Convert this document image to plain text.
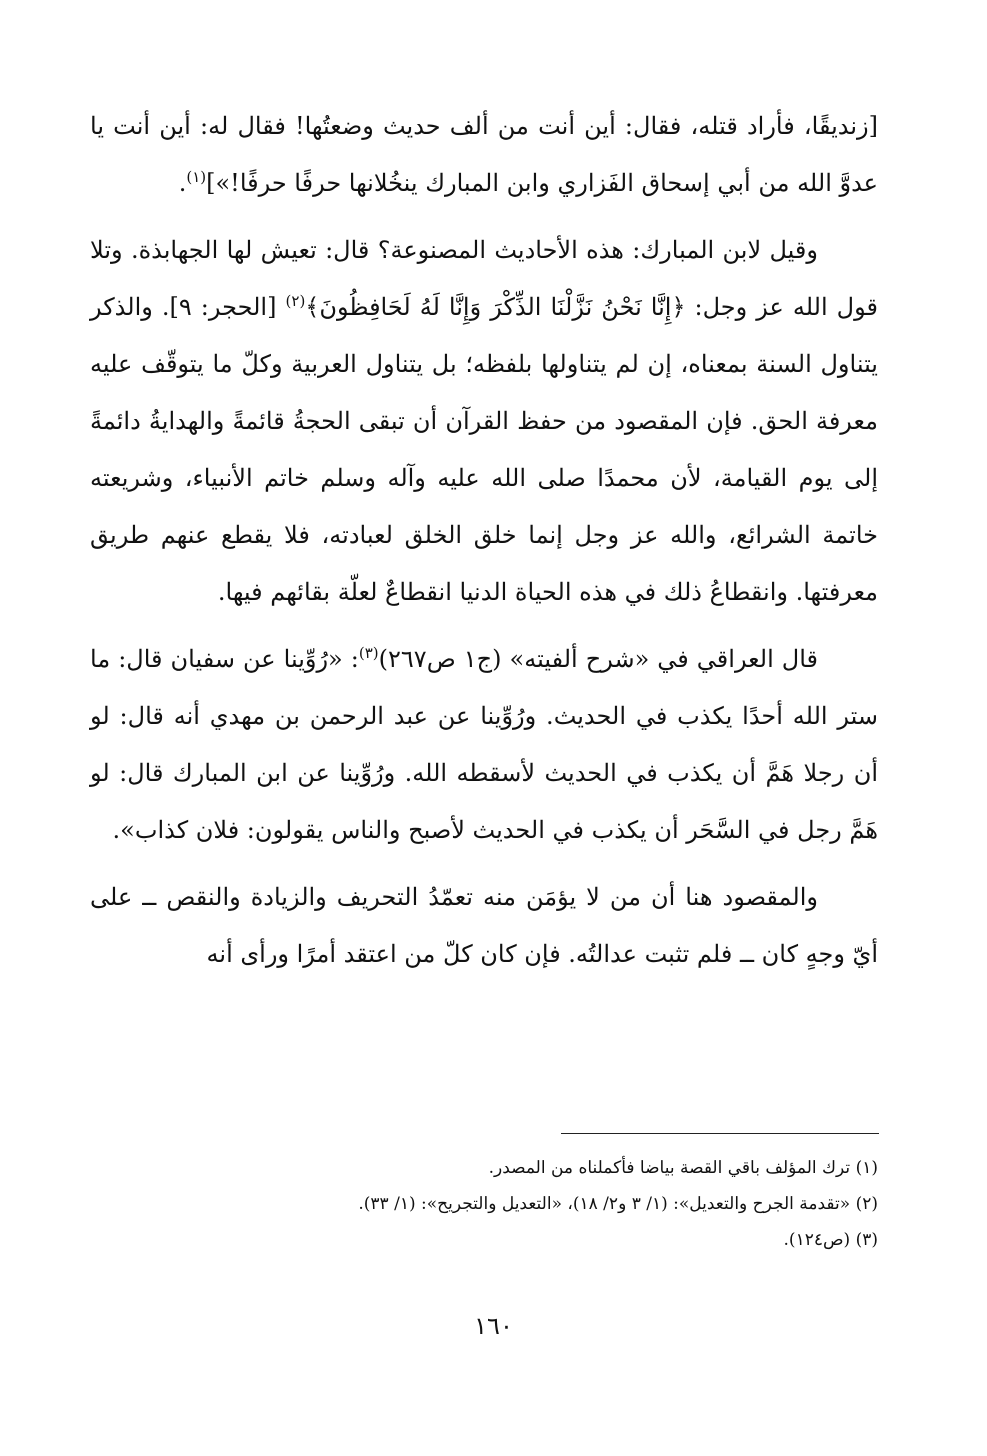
[زنديقًا، فأراد قتله، فقال: أين أنت من ألف حديث وضعتُها! فقال له: أين أنت يا عدوَّ الله من أبي إسحاق الفَزاري وابن المبارك ينخُلانها حرفًا حرفًا!»]$^{(١)}$.

وقيل لابن المبارك: هذه الأحاديث المصنوعة؟ قال: تعيش لها الجهابذة. وتلا قول الله عز وجل: ﴿إِنَّا نَحْنُ نَزَّلْنَا الذِّكْرَ وَإِنَّا لَهُ لَحَافِظُونَ﴾$^{(٢)}$ [الحجر: ٩]. والذكر يتناول السنة بمعناه، إن لم يتناولها بلفظه؛ بل يتناول العربية وكلّ ما يتوقّف عليه معرفة الحق. فإن المقصود من حفظ القرآن أن تبقى الحجةُ قائمةً والهدايةُ دائمةً إلى يوم القيامة، لأن محمدًا صلى الله عليه وآله وسلم خاتم الأنبياء، وشريعته خاتمة الشرائع، والله عز وجل إنما خلق الخلق لعبادته، فلا يقطع عنهم طريق معرفتها. وانقطاعُ ذلك في هذه الحياة الدنيا انقطاعٌ لعلّة بقائهم فيها.

قال العراقي في «شرح ألفيته» (ج١ ص٢٦٧)$^{(٣)}$: «رُوِّينا عن سفيان قال: ما ستر الله أحدًا يكذب في الحديث. ورُوِّينا عن عبد الرحمن بن مهدي أنه قال: لو أن رجلا هَمَّ أن يكذب في الحديث لأسقطه الله. ورُوِّينا عن ابن المبارك قال: لو هَمَّ رجل في السَّحَر أن يكذب في الحديث لأصبح والناس يقولون: فلان كذاب».

والمقصود هنا أن من لا يؤمَن منه تعمّدُ التحريف والزيادة والنقص ــ على أيّ وجهٍ كان ــ فلم تثبت عدالتُه. فإن كان كلّ من اعتقد أمرًا ورأى أنه

(١) ترك المؤلف باقي القصة بياضا فأكملناه من المصدر.

(٢) «تقدمة الجرح والتعديل»: (١/ ٣ و٢/ ١٨)، «التعديل والتجريح»: (١/ ٣٣).

(٣) (ص١٢٤).

١٦٠
